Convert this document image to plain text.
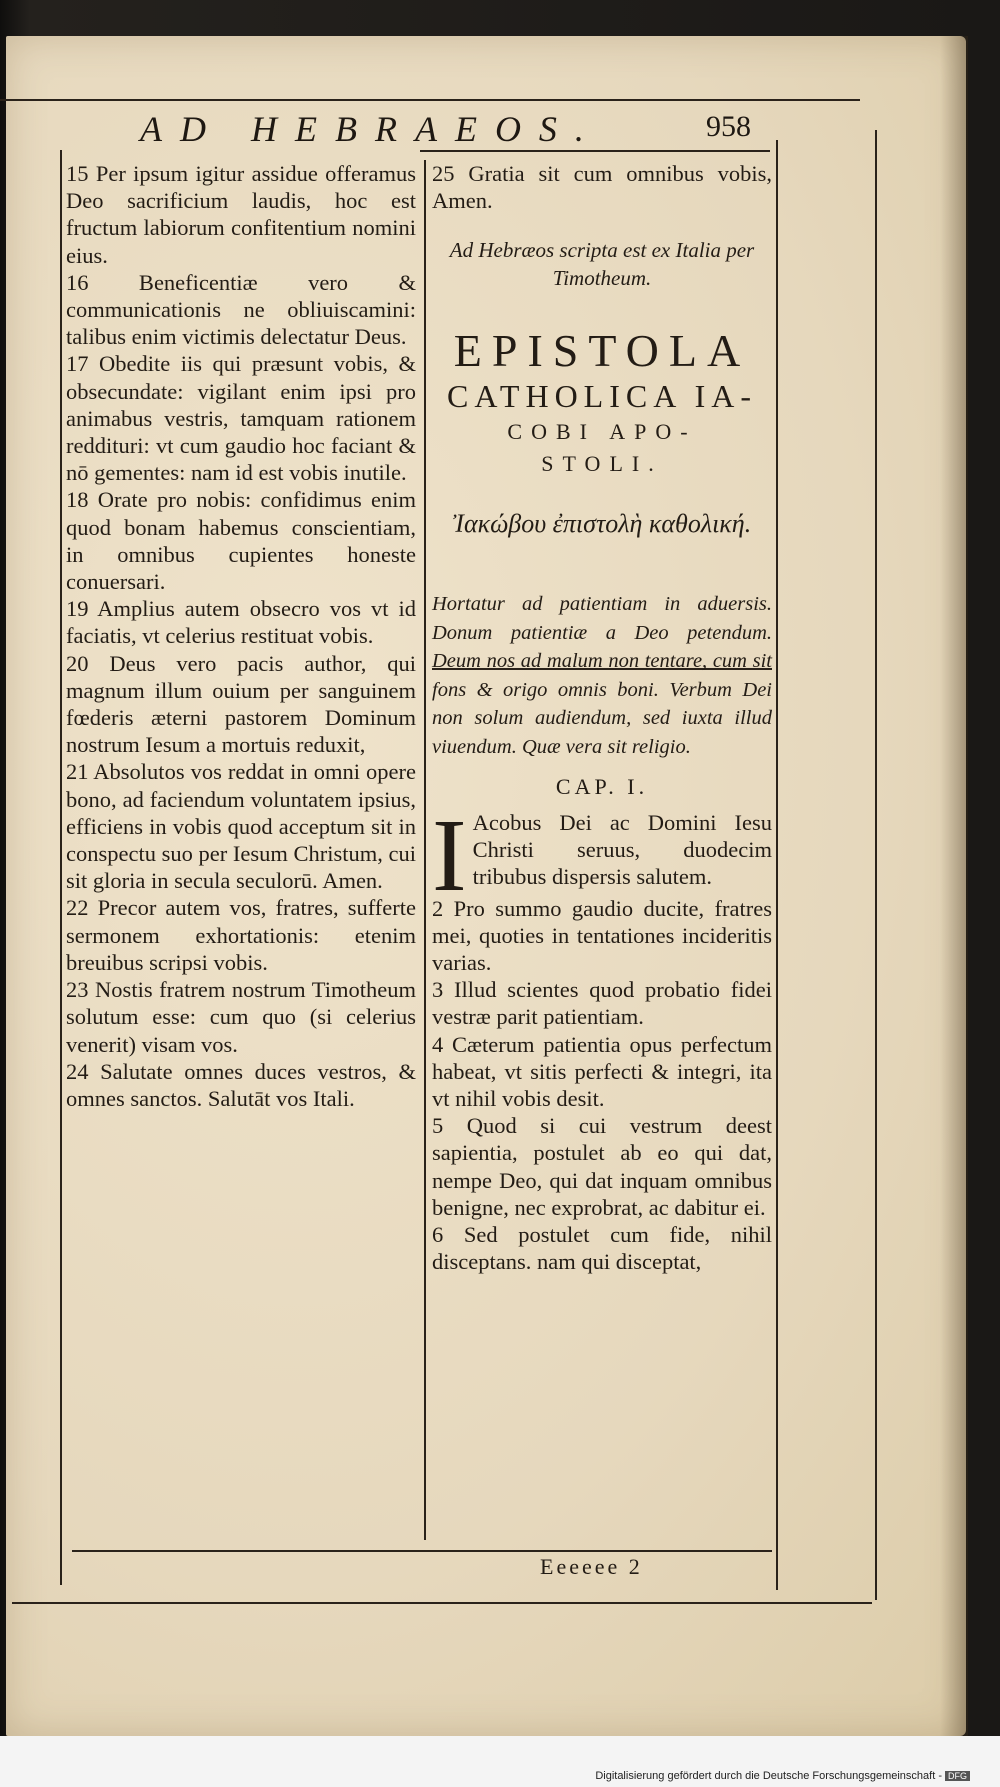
AD HEBRAEOS.	958

15 Per ipsum igitur assidue offeramus Deo sacrificium laudis, hoc est fructum labiorum confitentium nomini eius.

16 Beneficentiæ vero & communicationis ne obliuiscamini: talibus enim victimis delectatur Deus.

17 Obedite iis qui præsunt vobis, & obsecundate: vigilant enim ipsi pro animabus vestris, tamquam rationem reddituri: vt cum gaudio hoc faciant & nō gementes: nam id est vobis inutile.

18 Orate pro nobis: confidimus enim quod bonam habemus conscientiam, in omnibus cupientes honeste conuersari.

19 Amplius autem obsecro vos vt id faciatis, vt celerius restituat vobis.

20 Deus vero pacis author, qui magnum illum ouium per sanguinem fœderis æterni pastorem Dominum nostrum Iesum a mortuis reduxit,

21 Absolutos vos reddat in omni opere bono, ad faciendum voluntatem ipsius, efficiens in vobis quod acceptum sit in conspectu suo per Iesum Christum, cui sit gloria in secula seculorū. Amen.

22 Precor autem vos, fratres, sufferte sermonem exhortationis: etenim breuibus scripsi vobis.

23 Nostis fratrem nostrum Timotheum solutum esse: cum quo (si celerius venerit) visam vos.

24 Salutate omnes duces vestros, & omnes sanctos. Salutāt vos Itali.

25 Gratia sit cum omnibus vobis, Amen.

Ad Hebræos scripta est ex Italia per Timotheum.
EPISTOLA
CATHOLICA IA-
COBI APO-
STOLI.
Ἰακώβου ἐπιστολὴ καθολική.
Hortatur ad patientiam in aduersis. Donum patientiæ a Deo petendum. Deum nos ad malum non tentare, cum sit fons & origo omnis boni. Verbum Dei non solum audiendum, sed iuxta illud viuendum. Quæ vera sit religio.
CAP. I.

I Acobus Dei ac Domini Iesu Christi seruus, duodecim tribubus dispersis salutem.

2 Pro summo gaudio ducite, fratres mei, quoties in tentationes incideritis varias.

3 Illud scientes quod probatio fidei vestræ parit patientiam.

4 Cæterum patientia opus perfectum habeat, vt sitis perfecti & integri, ita vt nihil vobis desit.

5 Quod si cui vestrum deest sapientia, postulet ab eo qui dat, nempe Deo, qui dat inquam omnibus benigne, nec exprobrat, ac dabitur ei.

6 Sed postulet cum fide, nihil disceptans. nam qui disceptat,

Eeeeee 2
Digitalisierung gefördert durch die Deutsche Forschungsgemeinschaft - DFG
